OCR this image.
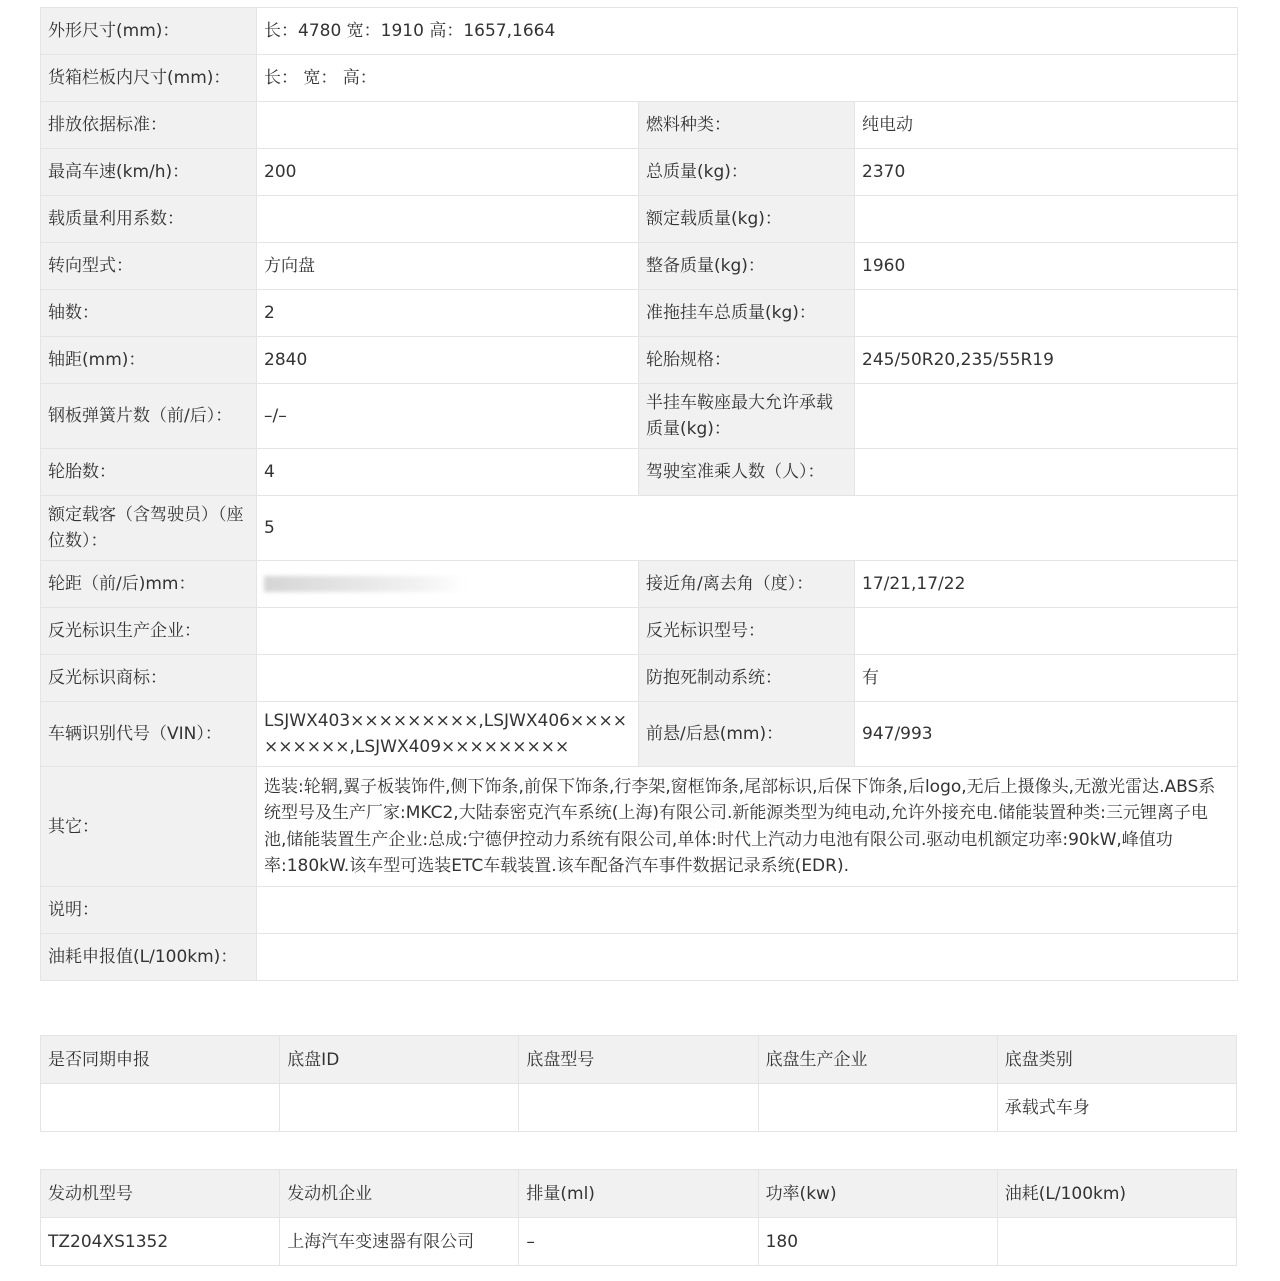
外形尺寸(mm)：	长：4780 宽：1910 高：1657,1664		
货箱栏板内尺寸(mm)：	长： 宽： 高：		
排放依据标准：		燃料种类：	纯电动
最高车速(km/h)：	200	总质量(kg)：	2370
载质量利用系数：		额定载质量(kg)：	
转向型式：	方向盘	整备质量(kg)：	1960
轴数：	2	准拖挂车总质量(kg)：	
轴距(mm)：	2840	轮胎规格：	245/50R20,235/55R19
钢板弹簧片数（前/后）：	–/–	半挂车鞍座最大允许承载质量(kg)：	
轮胎数：	4	驾驶室准乘人数（人）：	
额定载客（含驾驶员）（座位数）：	5		
轮距（前/后)mm：		接近角/离去角（度）：	17/21,17/22
反光标识生产企业：		反光标识型号：	
反光标识商标：		防抱死制动系统：	有
车辆识别代号（VIN）：	LSJWX403×××××××××,LSJWX406××××××××××,LSJWX409×××××××××	前悬/后悬(mm)：	947/993
其它：	选装:轮辋,翼子板装饰件,侧下饰条,前保下饰条,行李架,窗框饰条,尾部标识,后保下饰条,后logo,无后上摄像头,无激光雷达.ABS系统型号及生产厂家:MKC2,大陆泰密克汽车系统(上海)有限公司.新能源类型为纯电动,允许外接充电.储能装置种类:三元锂离子电池,储能装置生产企业:总成:宁德伊控动力系统有限公司,单体:时代上汽动力电池有限公司.驱动电机额定功率:90kW,峰值功率:180kW.该车型可选装ETC车载装置.该车配备汽车事件数据记录系统(EDR).		
说明：			
油耗申报值(L/100km)：			
是否同期申报	底盘ID	底盘型号	底盘生产企业	底盘类别
				承载式车身
发动机型号	发动机企业	排量(ml)	功率(kw)	油耗(L/100km)
TZ204XS1352	上海汽车变速器有限公司	–	180	
